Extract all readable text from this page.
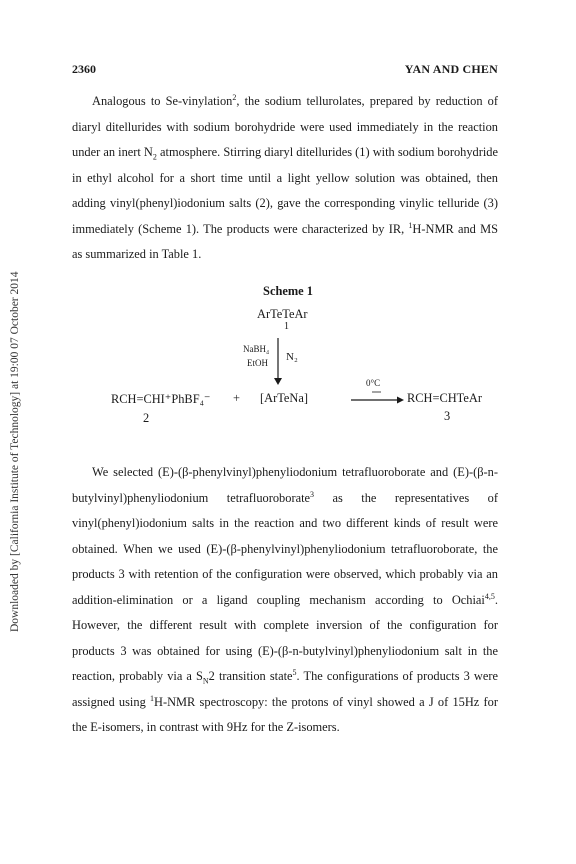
2360	YAN AND CHEN
Downloaded by [California Institute of Technology] at 19:00 07 October 2014

Analogous to Se-vinylation$^2$, the sodium tellurolates, prepared by reduction of diaryl ditellurides with sodium borohydride were used immediately in the reaction under an inert $N_2$ atmosphere. Stirring diaryl ditellurides (1) with sodium borohydride in ethyl alcohol for a short time until a light yellow solution was obtained, then adding vinyl(phenyl)iodonium salts (2), gave the corresponding vinylic telluride (3) immediately (Scheme 1). The products were characterized by IR, $^1$H-NMR and MS as summarized in Table 1.

Scheme 1
ArTeTeAr
1
NaBH₄
EtOH N₂
RCH=CHI⁺PhBF₄⁻ + [ArTeNa]
0°C
RCH=CHTeAr
2	3

We selected (E)-(β-phenylvinyl)phenyliodonium tetrafluoroborate and (E)-(β-n-butylvinyl)phenyliodonium tetrafluoroborate$^3$ as the representatives of vinyl(phenyl)iodonium salts in the reaction and two different kinds of result were obtained. When we used (E)-(β-phenylvinyl)phenyliodonium tetrafluoroborate, the products 3 with retention of the configuration were observed, which probably via an addition-elimination or a ligand coupling mechanism according to Ochiai$^{4,5}$. However, the different result with complete inversion of the configuration for products 3 was obtained for using (E)-(β-n-butylvinyl)phenyliodonium salt in the reaction, probably via a $S_N2$ transition state$^5$. The configurations of products 3 were assigned using $^1$H-NMR spectroscopy: the protons of vinyl showed a J of 15Hz for the E-isomers, in contrast with 9Hz for the Z-isomers.
